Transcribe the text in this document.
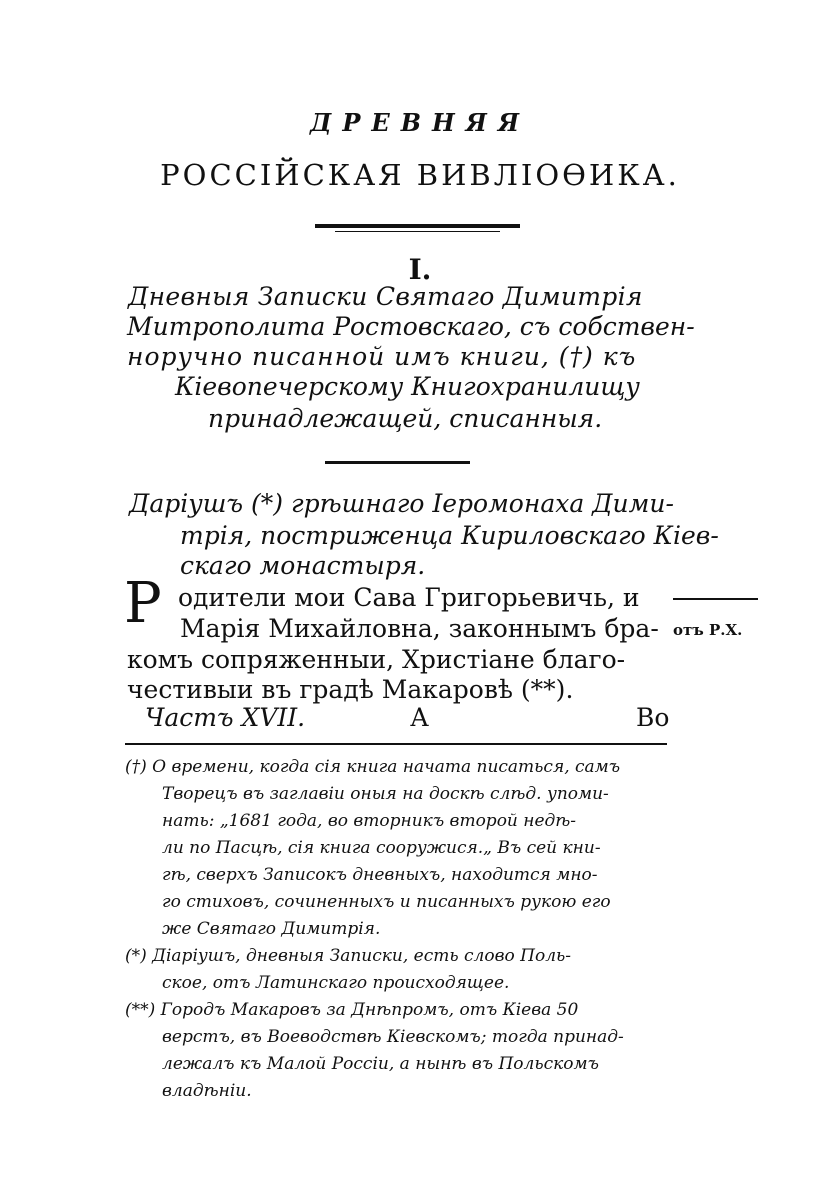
ДРЕВНЯЯ
РОССІЙСКАЯ ВИВЛІОѲИКА.
I.
Дневныя Записки Святаго Димитрія
Митрополита Ростовскаго, съ собствен-
норучно писанной имъ книги, (†) къ
Кіевопечерскому Книгохранилищу
принадлежащей, списанныя.
Даріушъ (*) грѣшнаго Іеромонаха Дими-
трія, постриженца Кириловскаго Кіев-
скаго монастыря.
Р одители мои Сава Григорьевичь, и
отъ Р.Х.
Марія Михайловна, законнымъ бра-
комъ сопряженныи, Христіане благо-
честивыи въ градѣ Макаровѣ (**).
Частъ XVII.	А	Во
(†) О времени, когда сія книга начата писаться, самъ
Творецъ въ заглавіи оныя на доскѣ слѣд. упоми-
нать: „1681 года, во вторникъ второй недѣ-
ли по Пасцѣ, сія книга сооружися.„ Въ сей кни-
гѣ, сверхъ Записокъ дневныхъ, находится мно-
го стиховъ, сочиненныхъ и писанныхъ рукою его
же Святаго Димитрія.
(*) Діаріушъ, дневныя Записки, есть слово Поль-
ское, отъ Латинскаго происходящее.
(**) Городъ Макаровъ за Днѣпромъ, отъ Кіева 50
верстъ, въ Воеводствѣ Кіевскомъ; тогда принад-
лежалъ къ Малой Россіи, а нынѣ въ Польскомъ
владѣніи.
